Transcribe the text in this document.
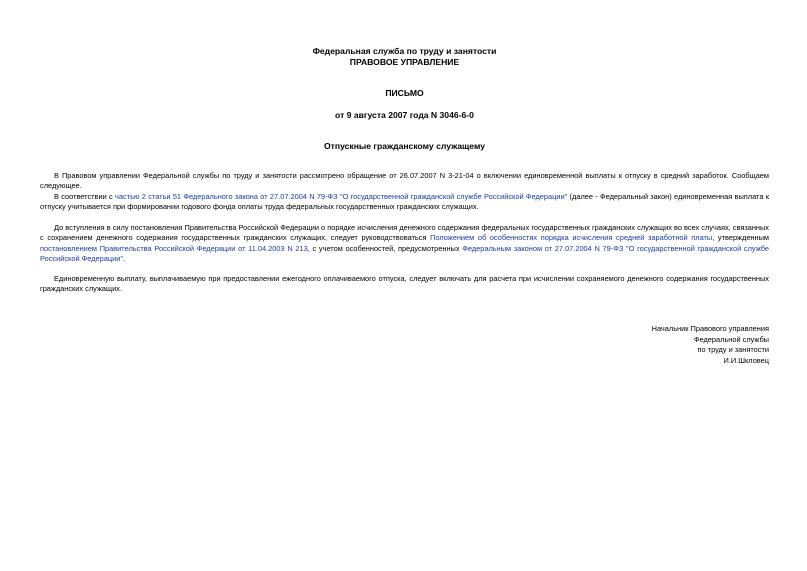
Федеральная служба по труду и занятости
ПРАВОВОЕ УПРАВЛЕНИЕ
ПИСЬМО
от 9 августа 2007 года N 3046-6-0
Отпускные гражданскому служащему
В Правовом управлении Федеральной службы по труду и занятости рассмотрено обращение от 26.07.2007 N 3-21-04 о включении единовременной выплаты к отпуску в средний заработок. Сообщаем следующее.
В соответствии с частью 2 статьи 51 Федерального закона от 27.07.2004 N 79-ФЗ "О государственной гражданской службе Российской Федерации" (далее - Федеральный закон) единовременная выплата к отпуску учитывается при формировании годового фонда оплаты труда федеральных государственных гражданских служащих.
До вступления в силу постановления Правительства Российской Федерации о порядке исчисления денежного содержания федеральных государственных гражданских служащих во всех случаях, связанных с сохранением денежного содержания государственных гражданских служащих, следует руководствоваться Положением об особенностях порядка исчисления средней заработной платы, утвержденным постановлением Правительства Российской Федерации от 11.04.2003 N 213, с учетом особенностей, предусмотренных Федеральным законом от 27.07.2004 N 79-ФЗ "О государственной гражданской службе Российской Федерации".
Единовременную выплату, выплачиваемую при предоставлении ежегодного оплачиваемого отпуска, следует включать для расчета при исчислении сохраняемого денежного содержания государственных гражданских служащих.
Начальник Правового управления
Федеральной службы
по труду и занятости
И.И.Шкловец
